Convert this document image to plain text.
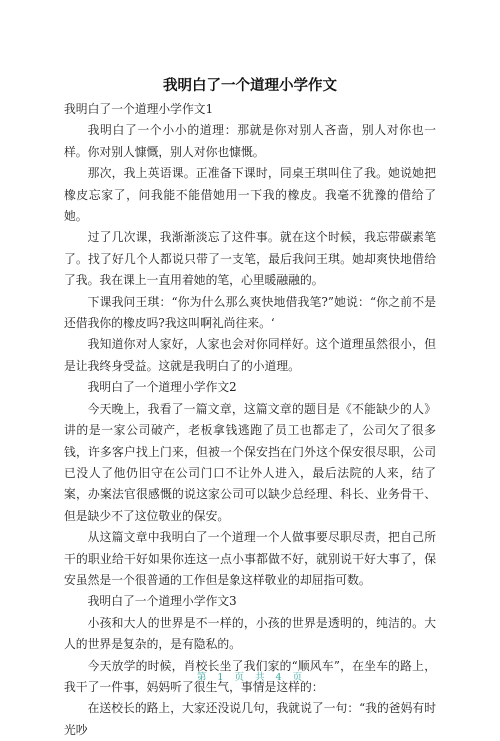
我明白了一个道理小学作文

我明白了一个道理小学作文1

我明白了一个小小的道理：那就是你对别人吝啬，别人对你也一样。你对别人慷慨，别人对你也慷慨。

那次，我上英语课。正准备下课时，同桌王琪叫住了我。她说她把橡皮忘家了，问我能不能借她用一下我的橡皮。我毫不犹豫的借给了她。

过了几次课，我渐渐淡忘了这件事。就在这个时候，我忘带碳素笔了。找了好几个人都说只带了一支笔，最后我问王琪。她却爽快地借给了我。我在课上一直用着她的笔，心里暖融融的。

下课我问王琪：“你为什么那么爽快地借我笔?”她说：“你之前不是还借我你的橡皮吗?我这叫啊礼尚往来。‘

我知道你对人家好，人家也会对你同样好。这个道理虽然很小，但是让我终身受益。这就是我明白了的小道理。

我明白了一个道理小学作文2

今天晚上，我看了一篇文章，这篇文章的题目是《不能缺少的人》讲的是一家公司破产，老板拿钱逃跑了员工也都走了，公司欠了很多钱，许多客户找上门来，但被一个保安挡在门外这个保安很尽职，公司已没人了他仍旧守在公司门口不让外人进入，最后法院的人来，结了案，办案法官很感慨的说这家公司可以缺少总经理、科长、业务骨干、但是缺少不了这位敬业的保安。

从这篇文章中我明白了一个道理一个人做事要尽职尽责，把自己所干的职业给干好如果你连这一点小事都做不好，就别说干好大事了，保安虽然是一个很普通的工作但是象这样敬业的却屈指可数。

我明白了一个道理小学作文3

小孩和大人的世界是不一样的，小孩的世界是透明的，纯洁的。大人的世界是复杂的，是有隐私的。

今天放学的时候，肖校长坐了我们家的“顺风车”，在坐车的路上，我干了一件事，妈妈听了很生气，事情是这样的：

在送校长的路上，大家还没说几句，我就说了一句：“我的爸妈有时光吵

第 1 页 共 4 页
